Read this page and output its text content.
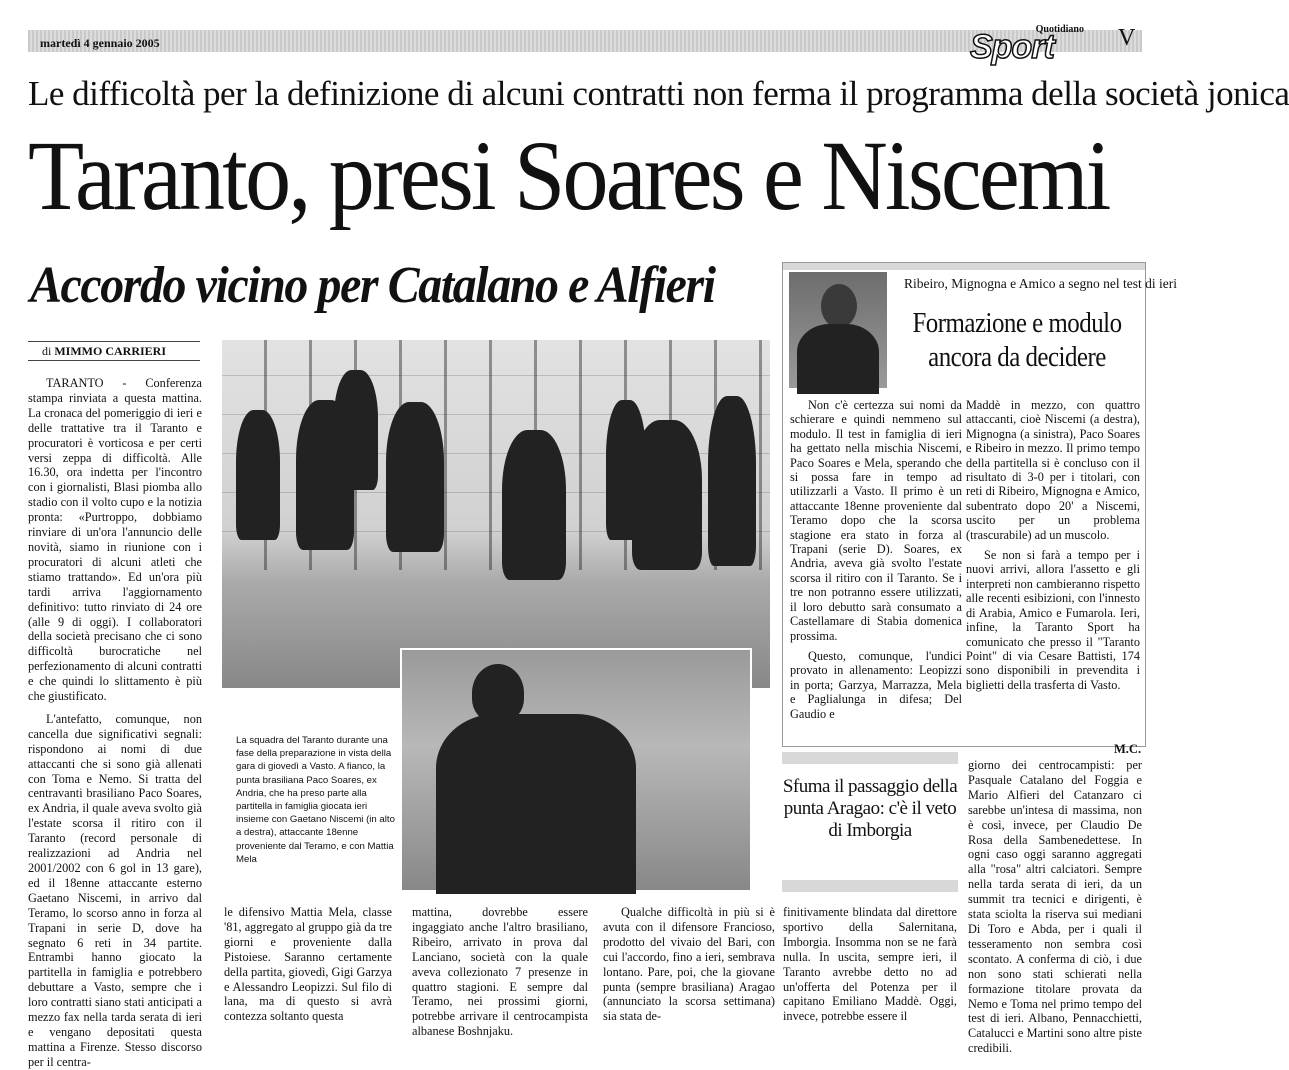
martedì 4 gennaio 2005
Quotidiano
Sport	V
Le difficoltà per la definizione di alcuni contratti non ferma il programma della società jonica
Taranto, presi Soares e Niscemi
Accordo vicino per Catalano e Alfieri
di MIMMO CARRIERI

TARANTO - Conferenza stampa rinviata a questa mattina. La cronaca del pomeriggio di ieri e delle trattative tra il Taranto e procuratori è vorticosa e per certi versi zeppa di difficoltà. Alle 16.30, ora indetta per l'incontro con i giornalisti, Blasi piomba allo stadio con il volto cupo e la notizia pronta: «Purtroppo, dobbiamo rinviare di un'ora l'annuncio delle novità, siamo in riunione con i procuratori di alcuni atleti che stiamo trattando». Ed un'ora più tardi arriva l'aggiornamento definitivo: tutto rinviato di 24 ore (alle 9 di oggi). I collaboratori della società precisano che ci sono difficoltà burocratiche nel perfezionamento di alcuni contratti e che quindi lo slittamento è più che giustificato.

L'antefatto, comunque, non cancella due significativi segnali: rispondono ai nomi di due attaccanti che si sono già allenati con Toma e Nemo. Si tratta del centravanti brasiliano Paco Soares, ex Andria, il quale aveva svolto già l'estate scorsa il ritiro con il Taranto (record personale di realizzazioni ad Andria nel 2001/2002 con 6 gol in 13 gare), ed il 18enne attaccante esterno Gaetano Niscemi, in arrivo dal Teramo, lo scorso anno in forza al Trapani in serie D, dove ha segnato 6 reti in 34 partite. Entrambi hanno giocato la partitella in famiglia e potrebbero debuttare a Vasto, sempre che i loro contratti siano stati anticipati a mezzo fax nella tarda serata di ieri e vengano depositati questa mattina a Firenze. Stesso discorso per il centra-

La squadra del Taranto durante una fase della preparazione in vista della gara di giovedì a Vasto. A fianco, la punta brasiliana Paco Soares, ex Andria, che ha preso parte alla partitella in famiglia giocata ieri insieme con Gaetano Niscemi (in alto a destra), attaccante 18enne proveniente dal Teramo, e con Mattia Mela

le difensivo Mattia Mela, classe '81, aggregato al gruppo già da tre giorni e proveniente dalla Pistoiese. Saranno certamente della partita, giovedì, Gigi Garzya e Alessandro Leopizzi. Sul filo di lana, ma di questo si avrà contezza soltanto questa

mattina, dovrebbe essere ingaggiato anche l'altro brasiliano, Ribeiro, arrivato in prova dal Lanciano, società con la quale aveva collezionato 7 presenze in quattro stagioni. E sempre dal Teramo, nei prossimi giorni, potrebbe arrivare il centrocampista albanese Boshnjaku.

Qualche difficoltà in più si è avuta con il difensore Francioso, prodotto del vivaio del Bari, con cui l'accordo, fino a ieri, sembrava lontano. Pare, poi, che la giovane punta (sempre brasiliana) Aragao (annunciato la scorsa settimana) sia stata de-

finitivamente blindata dal direttore sportivo della Salernitana, Imborgia. Insomma non se ne farà nulla. In uscita, sempre ieri, il Taranto avrebbe detto no ad un'offerta del Potenza per il capitano Emiliano Maddè. Oggi, invece, potrebbe essere il

giorno dei centrocampisti: per Pasquale Catalano del Foggia e Mario Alfieri del Catanzaro ci sarebbe un'intesa di massima, non è così, invece, per Claudio De Rosa della Sambenedettese. In ogni caso oggi saranno aggregati alla "rosa" altri calciatori. Sempre nella tarda serata di ieri, da un summit tra tecnici e dirigenti, è stata sciolta la riserva sui mediani Di Toro e Abda, per i quali il tesseramento non sembra così scontato. A conferma di ciò, i due non sono stati schierati nella formazione titolare provata da Nemo e Toma nel primo tempo del test di ieri. Albano, Pennacchietti, Catalucci e Martini sono altre piste credibili.

Ribeiro, Mignogna e Amico a segno nel test di ieri
Formazione e modulo ancora da decidere

Non c'è certezza sui nomi da schierare e quindi nemmeno sul modulo. Il test in famiglia di ieri ha gettato nella mischia Niscemi, Paco Soares e Mela, sperando che si possa fare in tempo ad utilizzarli a Vasto. Il primo è un attaccante 18enne proveniente dal Teramo dopo che la scorsa stagione era stato in forza al Trapani (serie D). Soares, ex Andria, aveva già svolto l'estate scorsa il ritiro con il Taranto. Se i tre non potranno essere utilizzati, il loro debutto sarà consumato a Castellamare di Stabia domenica prossima.

Questo, comunque, l'undici provato in allenamento: Leopizzi in porta; Garzya, Marrazza, Mela e Paglialunga in difesa; Del Gaudio e

Maddè in mezzo, con quattro attaccanti, cioè Niscemi (a destra), Mignogna (a sinistra), Paco Soares e Ribeiro in mezzo. Il primo tempo della partitella si è concluso con il risultato di 3-0 per i titolari, con reti di Ribeiro, Mignogna e Amico, subentrato dopo 20' a Niscemi, uscito per un problema (trascurabile) ad un muscolo.

Se non si farà a tempo per i nuovi arrivi, allora l'assetto e gli interpreti non cambieranno rispetto alle recenti esibizioni, con l'innesto di Arabia, Amico e Fumarola. Ieri, infine, la Taranto Sport ha comunicato che presso il "Taranto Point" di via Cesare Battisti, 174 sono disponibili in prevendita i biglietti della trasferta di Vasto.

M.C.
Sfuma il passaggio della punta Aragao: c'è il veto di Imborgia
